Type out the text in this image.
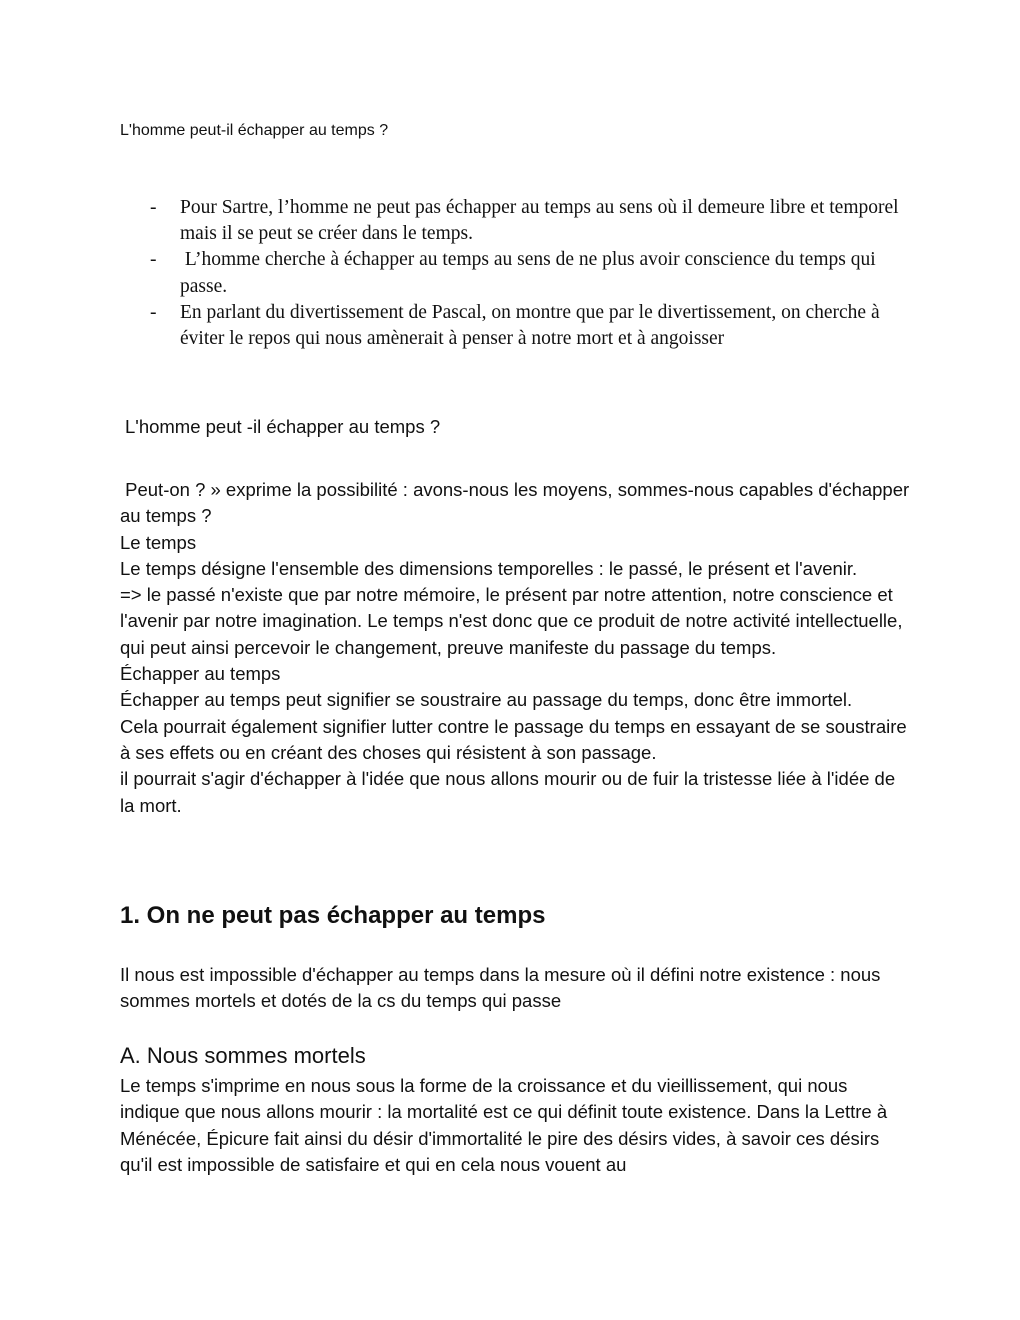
L'homme peut-il échapper au temps ?
- Pour Sartre, l’homme ne peut pas échapper au temps au sens où il demeure libre et temporel mais il se peut se créer dans le temps.
- L’homme cherche à échapper au temps au sens de ne plus avoir conscience du temps qui passe.
- En parlant du divertissement de Pascal, on montre que par le divertissement, on cherche à éviter le repos qui nous amènerait à penser à notre mort et à angoisser
L'homme peut -il échapper au temps ?

Peut-on ? » exprime la possibilité : avons-nous les moyens, sommes-nous capables d'échapper au temps ?

Le temps

Le temps désigne l'ensemble des dimensions temporelles : le passé, le présent et l'avenir.

=> le passé n'existe que par notre mémoire, le présent par notre attention, notre conscience et l'avenir par notre imagination. Le temps n'est donc que ce produit de notre activité intellectuelle, qui peut ainsi percevoir le changement, preuve manifeste du passage du temps.

Échapper au temps

Échapper au temps peut signifier se soustraire au passage du temps, donc être immortel.

Cela pourrait également signifier lutter contre le passage du temps en essayant de se soustraire à ses effets ou en créant des choses qui résistent à son passage.

il pourrait s'agir d'échapper à l'idée que nous allons mourir ou de fuir la tristesse liée à l'idée de la mort.

1. On ne peut pas échapper au temps
Il nous est impossible d'échapper au temps dans la mesure où il défini notre existence : nous sommes mortels et dotés de la cs du temps qui passe
A. Nous sommes mortels
Le temps s'imprime en nous sous la forme de la croissance et du vieillissement, qui nous indique que nous allons mourir : la mortalité est ce qui définit toute existence. Dans la Lettre à Ménécée, Épicure fait ainsi du désir d'immortalité le pire des désirs vides, à savoir ces désirs qu'il est impossible de satisfaire et qui en cela nous vouent au
